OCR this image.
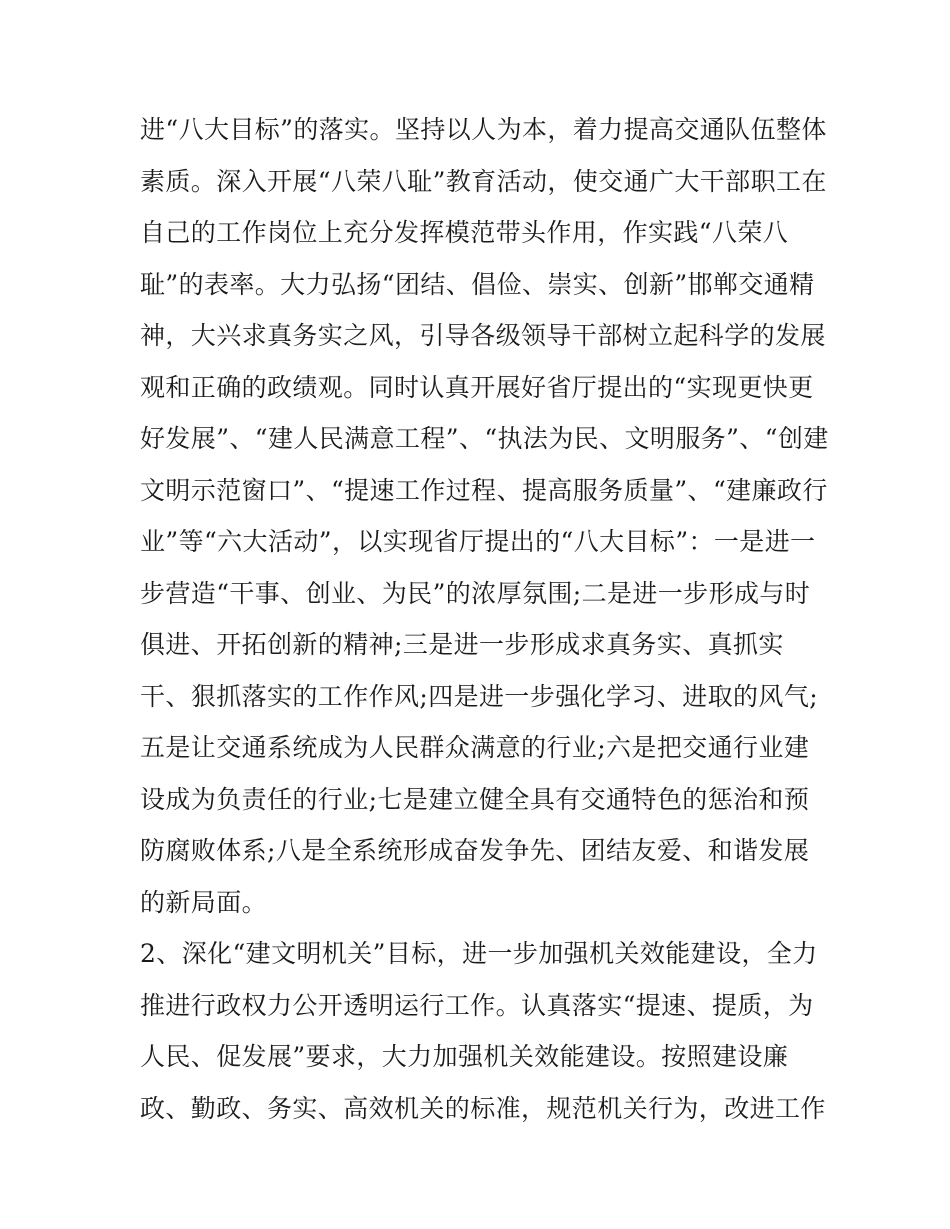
进“八大目标”的落实。坚持以人为本，着力提高交通队伍整体
素质。深入开展“八荣八耻”教育活动，使交通广大干部职工在
自己的工作岗位上充分发挥模范带头作用，作实践“八荣八
耻”的表率。大力弘扬“团结、倡俭、崇实、创新”邯郸交通精
神，大兴求真务实之风，引导各级领导干部树立起科学的发展
观和正确的政绩观。同时认真开展好省厅提出的“实现更快更
好发展”、“建人民满意工程”、“执法为民、文明服务”、“创建
文明示范窗口”、“提速工作过程、提高服务质量”、“建廉政行
业”等“六大活动”，以实现省厅提出的“八大目标”：一是进一
步营造“干事、创业、为民”的浓厚氛围;二是进一步形成与时
俱进、开拓创新的精神;三是进一步形成求真务实、真抓实
干、狠抓落实的工作作风;四是进一步强化学习、进取的风气;
五是让交通系统成为人民群众满意的行业;六是把交通行业建
设成为负责任的行业;七是建立健全具有交通特色的惩治和预
防腐败体系;八是全系统形成奋发争先、团结友爱、和谐发展
的新局面。
2、深化“建文明机关”目标，进一步加强机关效能建设，全力
推进行政权力公开透明运行工作。认真落实“提速、提质，为
人民、促发展”要求，大力加强机关效能建设。按照建设廉
政、勤政、务实、高效机关的标准，规范机关行为，改进工作
